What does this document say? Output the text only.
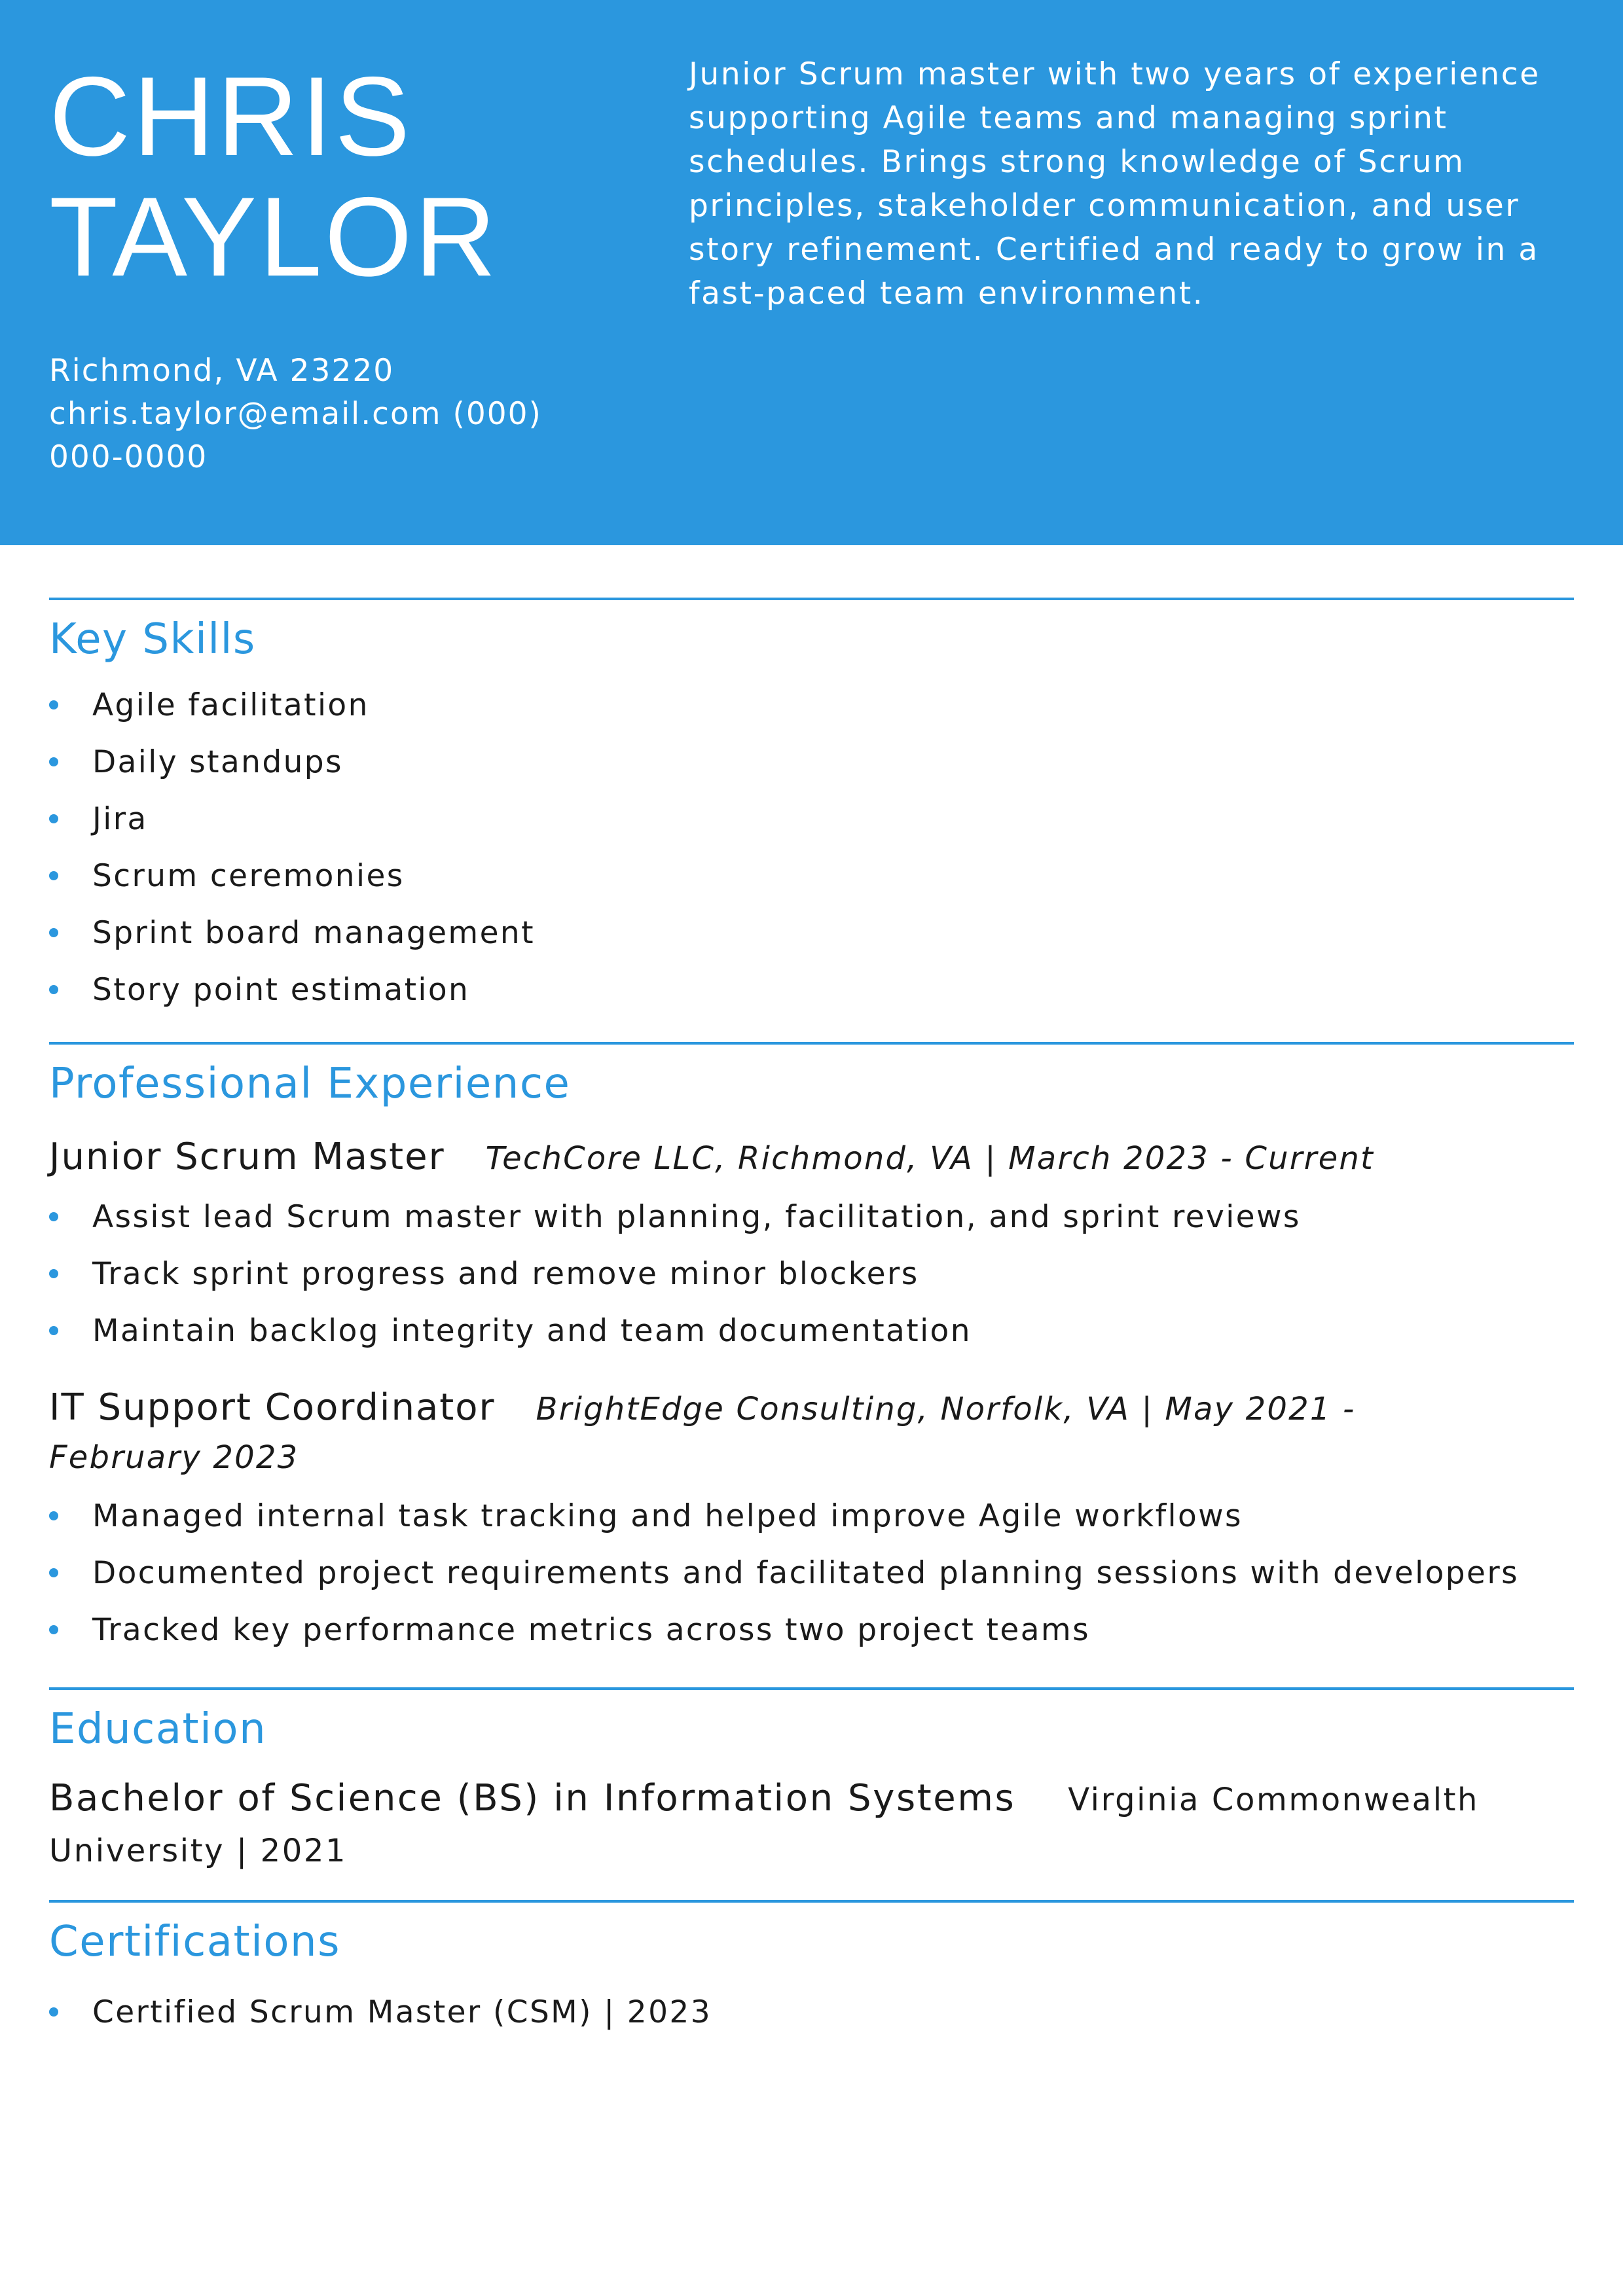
CHRIS
TAYLOR
Richmond, VA 23220
chris.taylor@email.com (000)
000-0000
Junior Scrum master with two years of experience supporting Agile teams and managing sprint schedules. Brings strong knowledge of Scrum principles, stakeholder communication, and user story refinement. Certified and ready to grow in a fast-paced team environment.
Key Skills
Agile facilitation
Daily standups
Jira
Scrum ceremonies
Sprint board management
Story point estimation
Professional Experience
Junior Scrum Master TechCore LLC, Richmond, VA | March 2023 - Current
Assist lead Scrum master with planning, facilitation, and sprint reviews
Track sprint progress and remove minor blockers
Maintain backlog integrity and team documentation
IT Support Coordinator BrightEdge Consulting, Norfolk, VA | May 2021 - February 2023
Managed internal task tracking and helped improve Agile workflows
Documented project requirements and facilitated planning sessions with developers
Tracked key performance metrics across two project teams
Education
Bachelor of Science (BS) in Information Systems Virginia Commonwealth University | 2021
Certifications
Certified Scrum Master (CSM) | 2023
